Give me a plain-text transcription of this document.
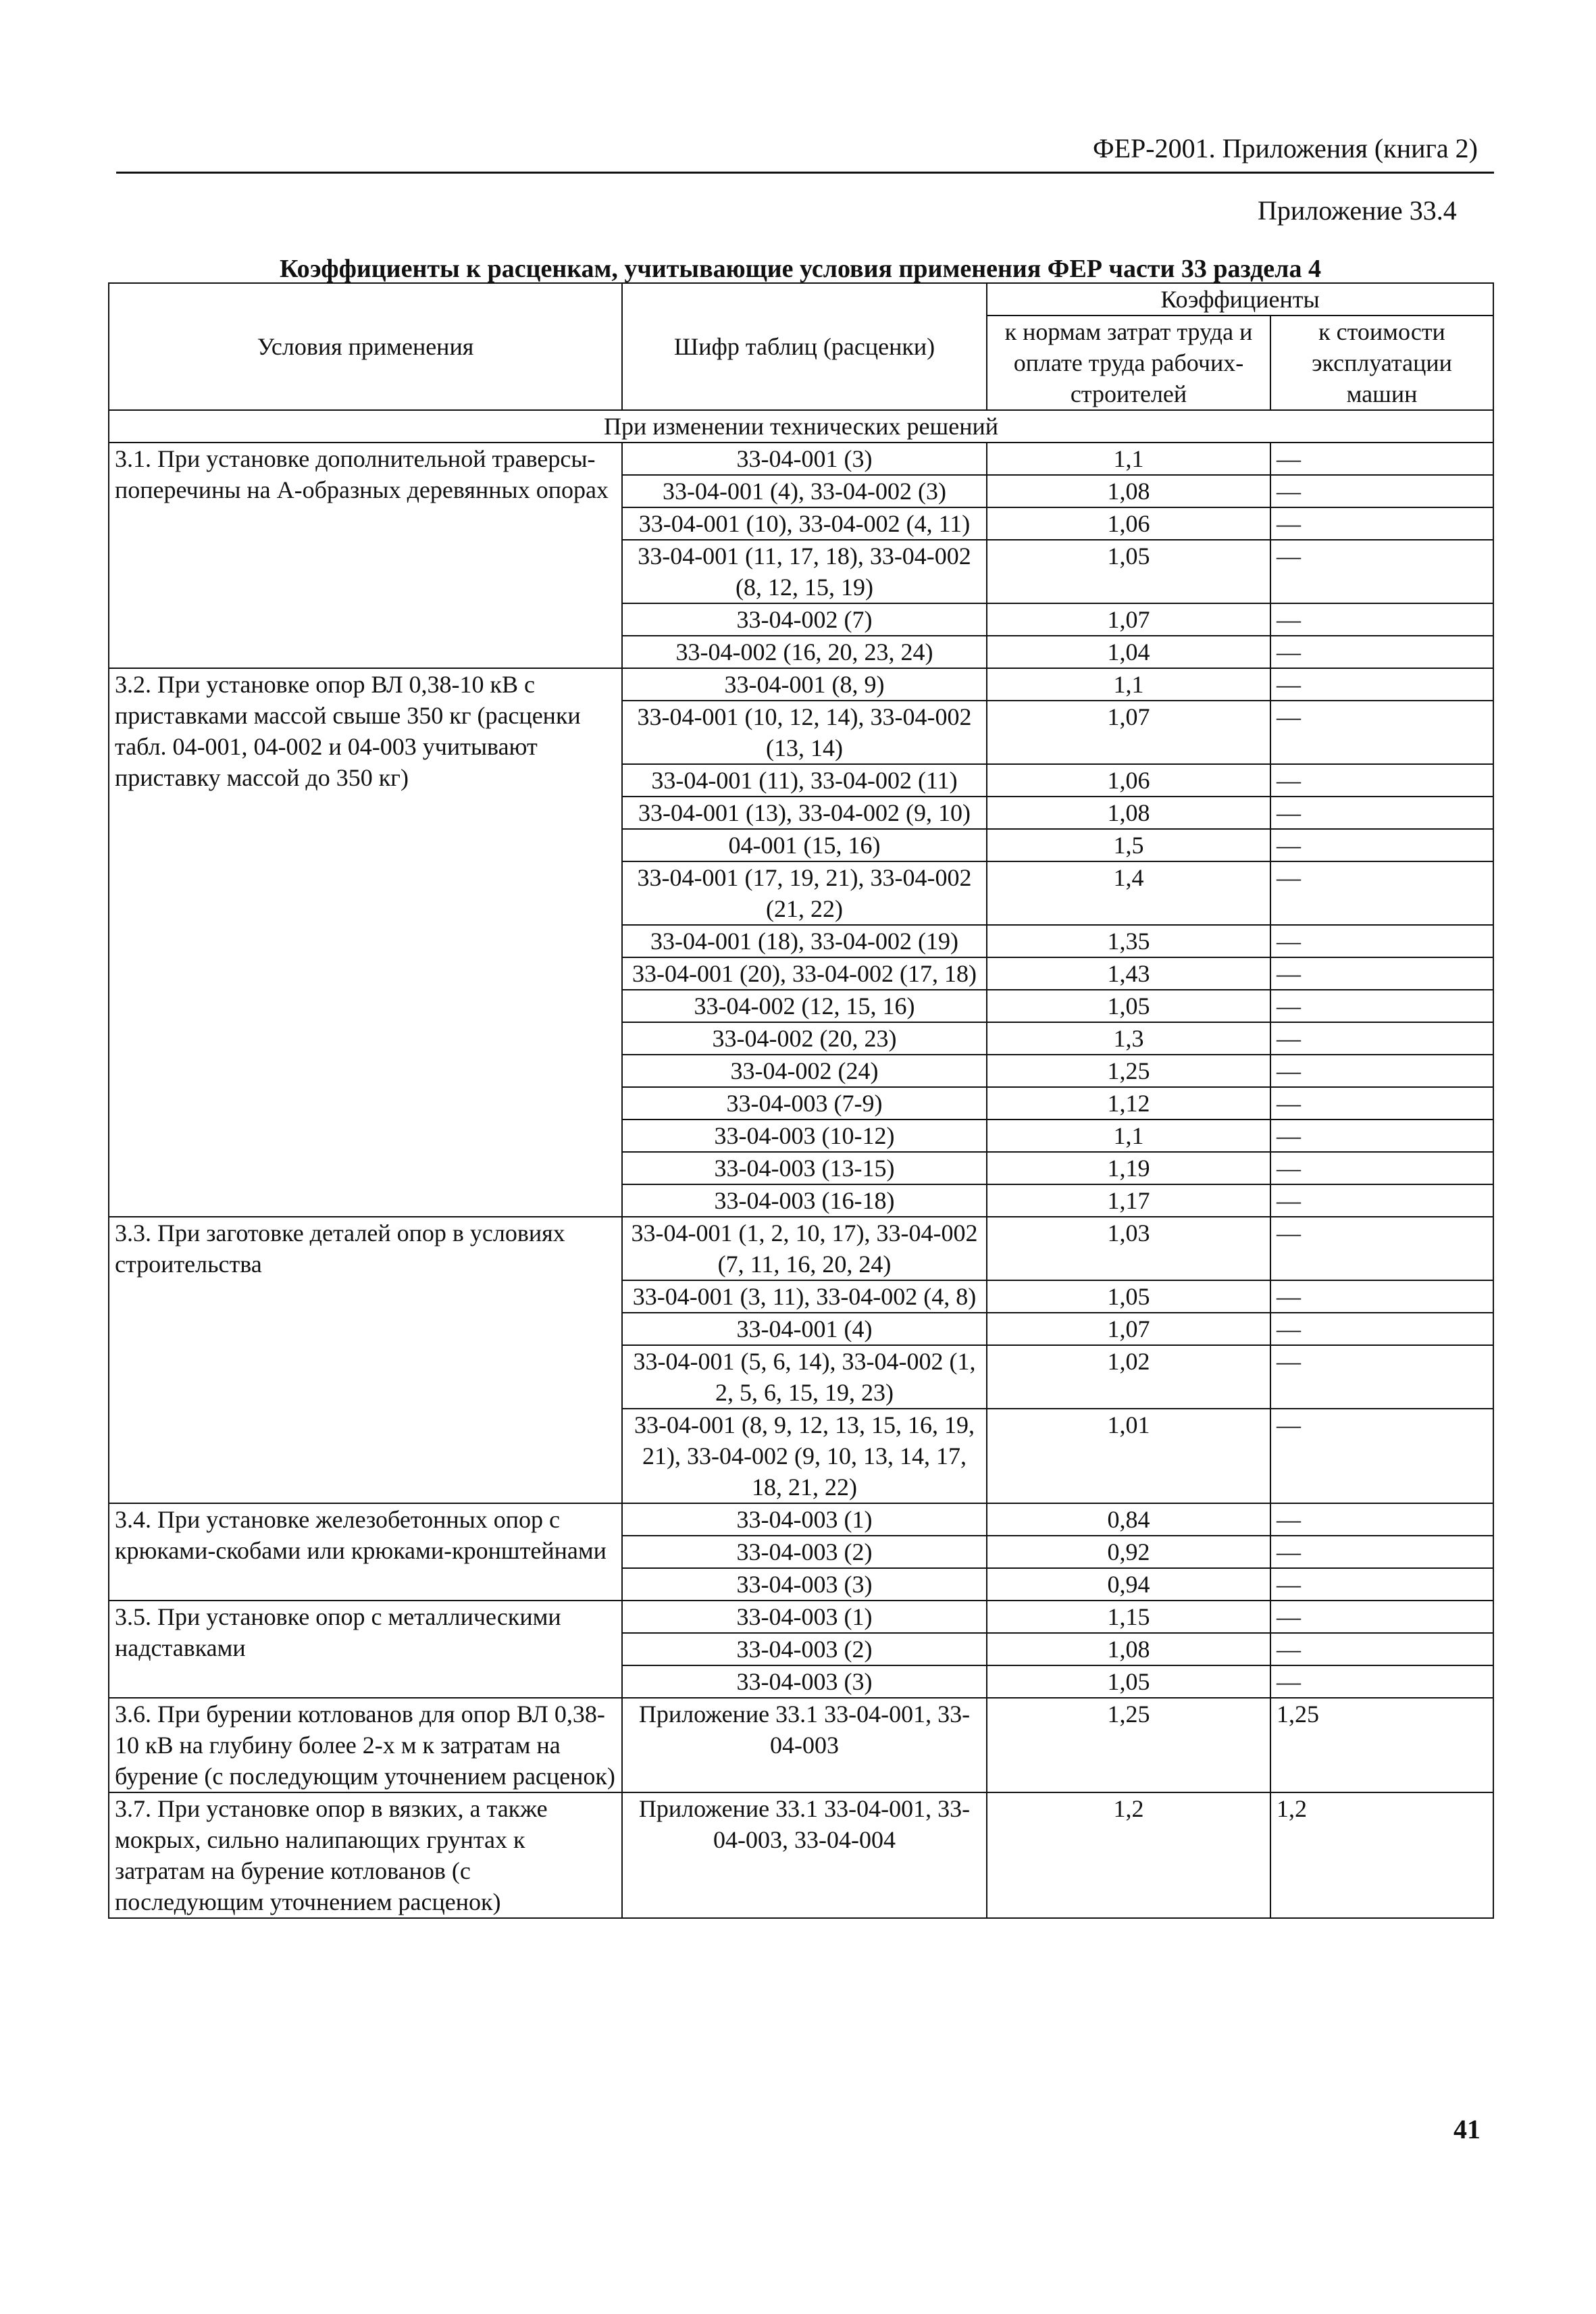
ФЕР-2001. Приложения (книга 2)
Приложение 33.4
Коэффициенты к расценкам, учитывающие условия применения ФЕР части 33 раздела 4
Условия применения	Шифр таблиц (расценки)	Коэффициенты	
		к нормам затрат труда и оплате труда рабочих-строителей	к стоимости эксплуатации машин
При изменении технических решений			
3.1. При установке дополнительной траверсы-поперечины на А-образных деревянных опорах	33-04-001 (3)	1,1	—
	33-04-001 (4), 33-04-002 (3)	1,08	—
	33-04-001 (10), 33-04-002 (4, 11)	1,06	—
	33-04-001 (11, 17, 18), 33-04-002 (8, 12, 15, 19)	1,05	—
	33-04-002 (7)	1,07	—
	33-04-002 (16, 20, 23, 24)	1,04	—
3.2. При установке опор ВЛ 0,38-10 кВ с приставками массой свыше 350 кг (расценки табл. 04-001, 04-002 и 04-003 учитывают приставку массой до 350 кг)	33-04-001 (8, 9)	1,1	—
	33-04-001 (10, 12, 14), 33-04-002 (13, 14)	1,07	—
	33-04-001 (11), 33-04-002 (11)	1,06	—
	33-04-001 (13), 33-04-002 (9, 10)	1,08	—
	04-001 (15, 16)	1,5	—
	33-04-001 (17, 19, 21), 33-04-002 (21, 22)	1,4	—
	33-04-001 (18), 33-04-002 (19)	1,35	—
	33-04-001 (20), 33-04-002 (17, 18)	1,43	—
	33-04-002 (12, 15, 16)	1,05	—
	33-04-002 (20, 23)	1,3	—
	33-04-002 (24)	1,25	—
	33-04-003 (7-9)	1,12	—
	33-04-003 (10-12)	1,1	—
	33-04-003 (13-15)	1,19	—
	33-04-003 (16-18)	1,17	—
3.3. При заготовке деталей опор в условиях строительства	33-04-001 (1, 2, 10, 17), 33-04-002 (7, 11, 16, 20, 24)	1,03	—
	33-04-001 (3, 11), 33-04-002 (4, 8)	1,05	—
	33-04-001 (4)	1,07	—
	33-04-001 (5, 6, 14), 33-04-002 (1, 2, 5, 6, 15, 19, 23)	1,02	—
	33-04-001 (8, 9, 12, 13, 15, 16, 19, 21), 33-04-002 (9, 10, 13, 14, 17, 18, 21, 22)	1,01	—
3.4. При установке железобетонных опор с крюками-скобами или крюками-кронштейнами	33-04-003 (1)	0,84	—
	33-04-003 (2)	0,92	—
	33-04-003 (3)	0,94	—
3.5. При установке опор с металлическими надставками	33-04-003 (1)	1,15	—
	33-04-003 (2)	1,08	—
	33-04-003 (3)	1,05	—
3.6. При бурении котлованов для опор ВЛ 0,38-10 кВ на глубину более 2-х м к затратам на бурение (с последующим уточнением расценок)	Приложение 33.1 33-04-001, 33-04-003	1,25	1,25
3.7. При установке опор в вязких, а также мокрых, сильно налипающих грунтах к затратам на бурение котлованов (с последующим уточнением расценок)	Приложение 33.1 33-04-001, 33-04-003, 33-04-004	1,2	1,2
41
